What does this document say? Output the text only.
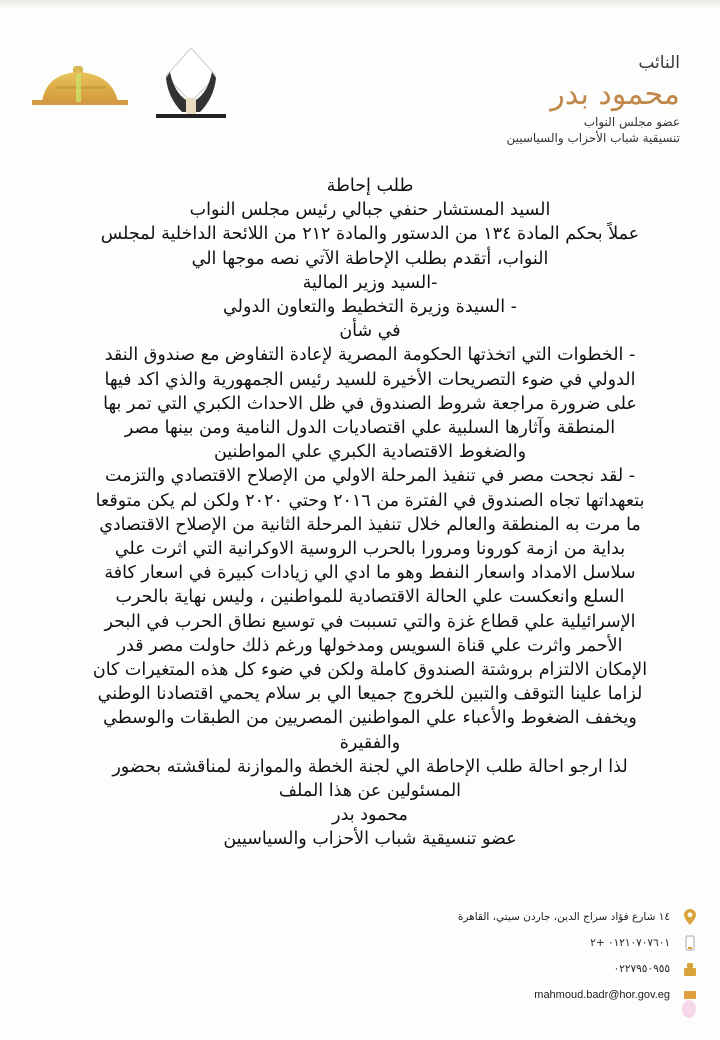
النائب
محمود بدر
عضو مجلس النواب
تنسيقية شباب الأحزاب والسياسيين
طلب إحاطة
السيد المستشار حنفي جبالي رئيس مجلس النواب
عملاً بحكم المادة ١٣٤ من الدستور والمادة ٢١٢ من اللائحة الداخلية لمجلس
النواب، أتقدم بطلب الإحاطة الآتي نصه موجها الي
-السيد وزير المالية
- السيدة وزيرة التخطيط والتعاون الدولي
في شأن
- الخطوات التي اتخذتها الحكومة المصرية لإعادة التفاوض مع صندوق النقد
الدولي في ضوء التصريحات الأخيرة للسيد رئيس الجمهورية والذي اكد فيها
على ضرورة مراجعة شروط الصندوق في ظل الاحداث الكبري التي تمر بها
المنطقة وآثارها السلبية علي اقتصاديات الدول النامية ومن بينها مصر
والضغوط الاقتصادية الكبري علي المواطنين
- لقد نجحت مصر في تنفيذ المرحلة الاولي من الإصلاح الاقتصادي والتزمت
بتعهداتها تجاه الصندوق في الفترة من ٢٠١٦ وحتي ٢٠٢٠ ولكن لم يكن متوقعا
ما مرت به المنطقة والعالم خلال تنفيذ المرحلة الثانية من الإصلاح الاقتصادي
بداية من ازمة كورونا ومرورا بالحرب الروسية الاوكرانية التي اثرت علي
سلاسل الامداد واسعار النفط وهو ما ادي الي زيادات كبيرة في اسعار كافة
السلع وانعكست علي الحالة الاقتصادية للمواطنين ، وليس نهاية بالحرب
الإسرائيلية علي قطاع غزة والتي تسببت في توسيع نطاق الحرب في البحر
الأحمر واثرت علي قناة السويس ومدخولها ورغم ذلك حاولت مصر قدر
الإمكان الالتزام بروشتة الصندوق كاملة ولكن في ضوء كل هذه المتغيرات كان
لزاما علينا التوقف والتبين للخروج جميعا الي بر سلام يحمي اقتصادنا الوطني
ويخفف الضغوط والأعباء علي المواطنين المصريين من الطبقات والوسطي
والفقيرة
لذا ارجو احالة طلب الإحاطة الي لجنة الخطة والموازنة لمناقشته بحضور
المسئولين عن هذا الملف
محمود بدر
عضو تنسيقية شباب الأحزاب والسياسيين
١٤ شارع فؤاد سراج الدين، جاردن سيتي، القاهرة
٠١٢١٠٧٠٧٦٠١ +٢
٠٢٢٧٩٥٠٩٥٥
mahmoud.badr@hor.gov.eg
